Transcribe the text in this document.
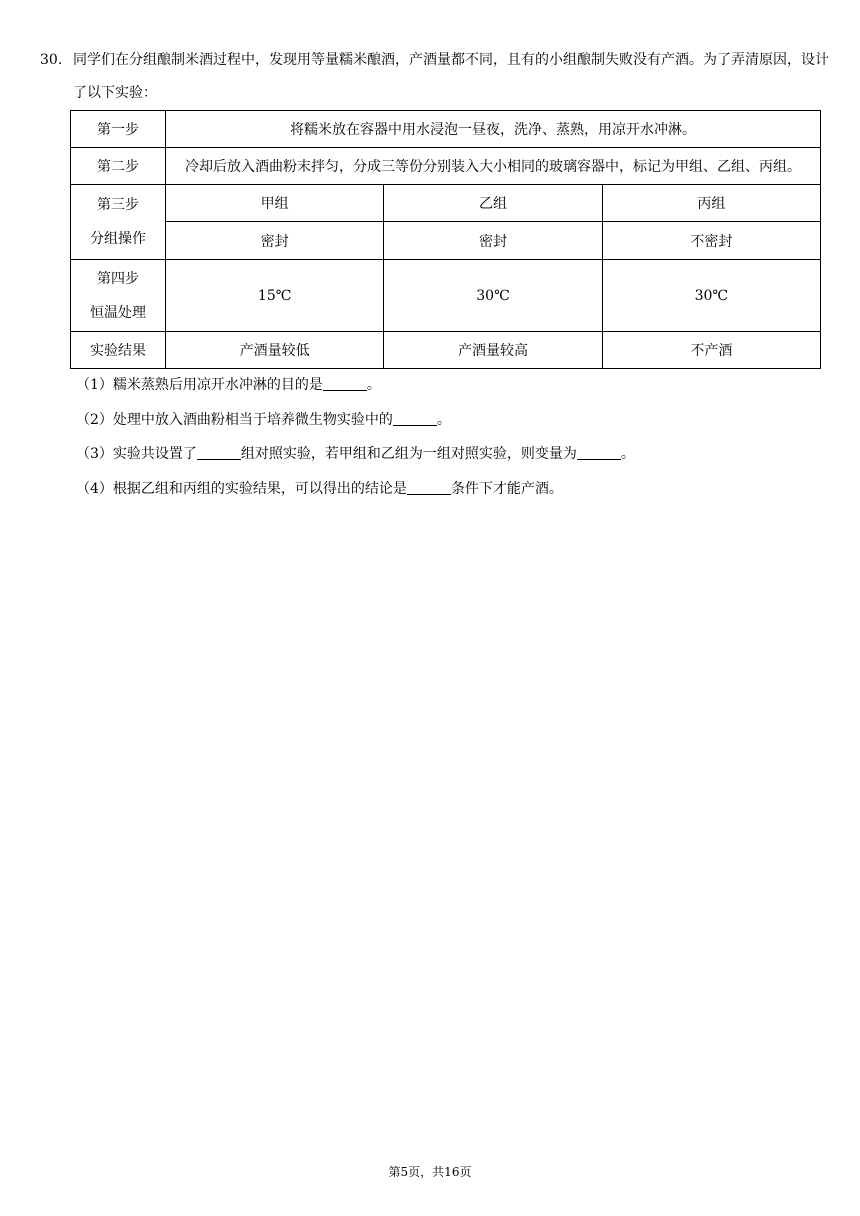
30. 同学们在分组酿制米酒过程中，发现用等量糯米酿酒，产酒量都不同，且有的小组酿制失败没有产酒。为了弄清原因，设计了以下实验：
第一步	将糯米放在容器中用水浸泡一昼夜，洗净、蒸熟，用凉开水冲淋。		
第二步	冷却后放入酒曲粉末拌匀，分成三等份分别装入大小相同的玻璃容器中，标记为甲组、乙组、丙组。		

第三步
分组操作	甲组	乙组	丙组
	密封	密封	不密封

第四步
恒温处理	15℃	30℃	30℃
实验结果	产酒量较低	产酒量较高	不产酒
（1）糯米蒸熟后用凉开水冲淋的目的是	。
（2）处理中放入酒曲粉相当于培养微生物实验中的	。
（3）实验共设置了	组对照实验，若甲组和乙组为一组对照实验，则变量为	。
（4）根据乙组和丙组的实验结果，可以得出的结论是	条件下才能产酒。
第5页，共16页
